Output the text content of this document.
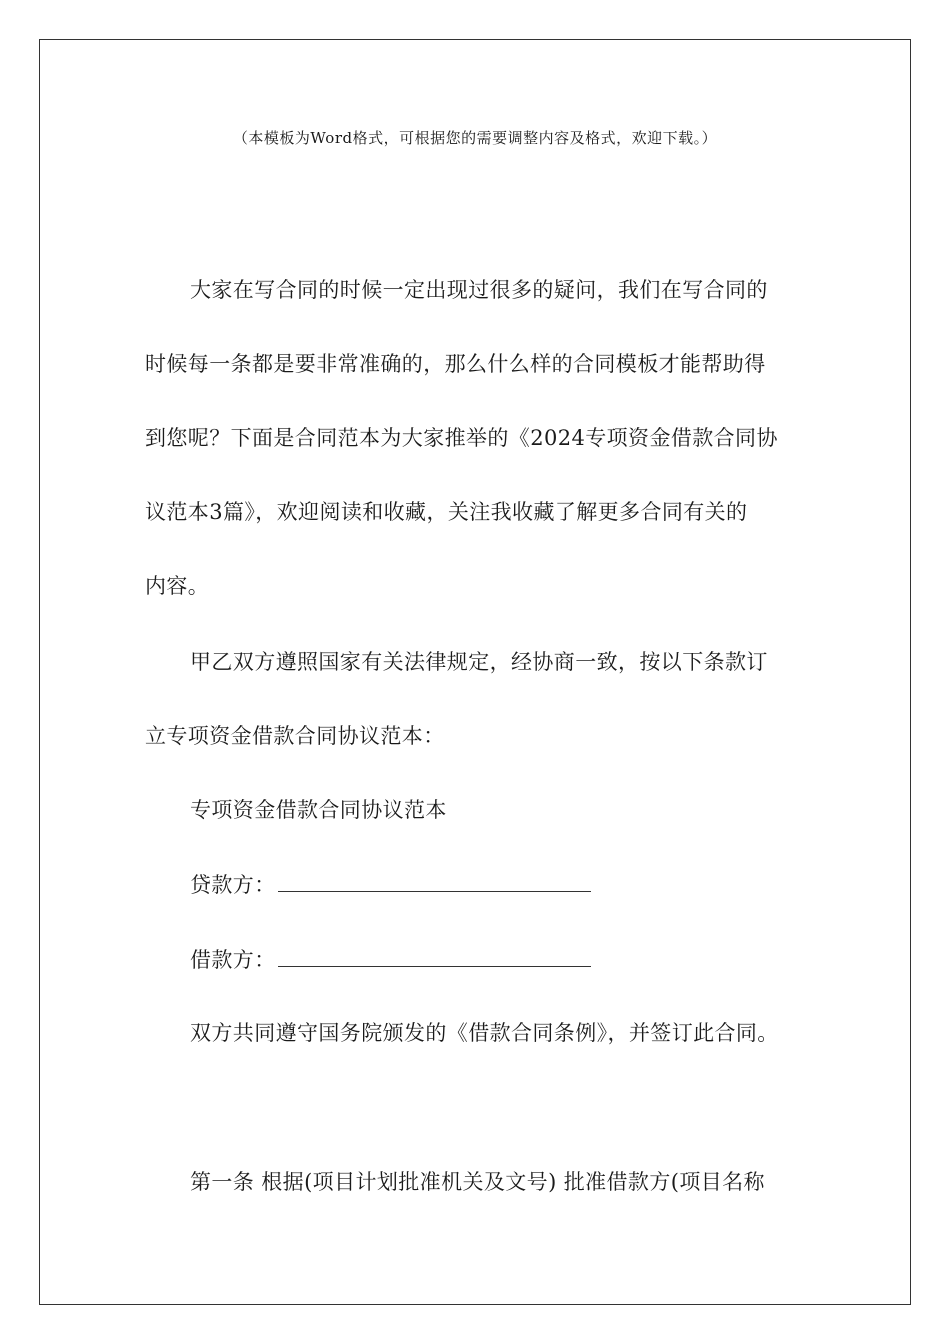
（本模板为Word格式，可根据您的需要调整内容及格式，欢迎下载。）
大家在写合同的时候一定出现过很多的疑问，我们在写合同的
时候每一条都是要非常准确的，那么什么样的合同模板才能帮助得
到您呢？下面是合同范本为大家推举的《2024专项资金借款合同协
议范本3篇》，欢迎阅读和收藏，关注我收藏了解更多合同有关的
内容。
甲乙双方遵照国家有关法律规定，经协商一致，按以下条款订
立专项资金借款合同协议范本：
专项资金借款合同协议范本
贷款方：
借款方：
双方共同遵守国务院颁发的《借款合同条例》，并签订此合同。
第一条 根据(项目计划批准机关及文号) 批准借款方(项目名称
